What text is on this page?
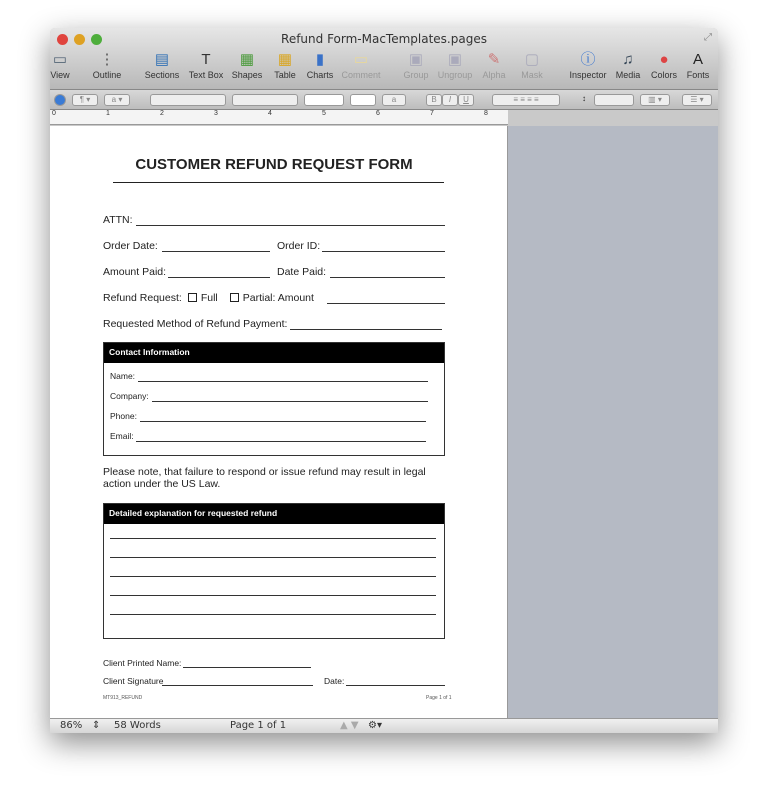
Refund Form-MacTemplates.pages	⤢
▭
View
⋮
Outline
▤
Sections
T
Text Box
▦
Shapes
▦
Table
▮
Charts
▭
Comment
▣
Group
▣
Ungroup
✎
Alpha
▢
Mask
ⓘ
Inspector
♫
Media
●
Colors
A
Fonts
¶ ▾	a ▾	a	B	I	U	≡ ≡ ≡ ≡	↕	▥ ▾	☰ ▾
0	1	2	3	4	5	6	7	8
CUSTOMER REFUND REQUEST FORM
ATTN:
Order Date:	Order ID:
Amount Paid:	Date Paid:
Refund Request: Full Partial: Amount
Requested Method of Refund Payment:
Contact Information
Name:
Company:
Phone:
Email:
Please note, that failure to respond or issue refund may result in legal action under the US Law.
Detailed explanation for requested refund
Client Printed Name:
Client Signature	Date:
MT913_REFUND	Page 1 of 1
86% ⇕ 58 Words	Page 1 of 1	▲ ▼ ⚙▾
